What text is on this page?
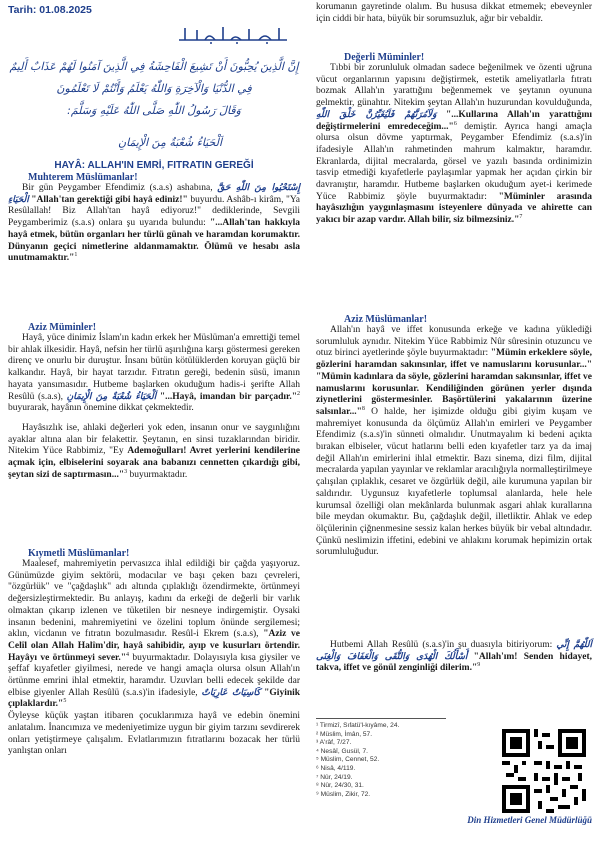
Tarih: 01.08.2025
إِنَّ الَّذِينَ يُحِبُّونَ أَنْ تَشِيعَ الْفَاحِشَةُ فِي الَّذِينَ آمَنُوا لَهُمْ عَذَابٌ أَلِيمٌ
فِي الدُّنْيَا وَالْآخِرَةِ وَاللّٰهُ يَعْلَمُ وَأَنْتُمْ لَا تَعْلَمُونَ
وَقَالَ رَسُولُ اللّٰهِ صَلَّى اللّٰهُ عَلَيْهِ وَسَلَّمَ:
اَلْحَيَاءُ شُعْبَةٌ مِنَ الْإِيمَانِ
HAYÂ: ALLAH'IN EMRİ, FITRATIN GEREĞİ
Muhterem Müslümanlar!
Bir gün Peygamber Efendimiz (s.a.s) ashabına, إِسْتَحْيُوا مِنَ اللّٰهِ حَقَّ الْحَيَاءِ "Allah'tan gerektiği gibi hayâ ediniz!" buyurdu. Ashâb-ı kirâm, "Ya Resûlallah! Biz Allah'tan hayâ ediyoruz!" dediklerinde, Sevgili Peygamberimiz (s.a.s) onlara şu uyarıda bulundu: "...Allah'tan hakkıyla hayâ etmek, bütün organları her türlü günah ve haramdan korumaktır. Dünyanın geçici nimetlerine aldanmamaktır. Ölümü ve hesabı asla unutmamaktır."$^1$
Aziz Müminler!
Hayâ, yüce dinimiz İslam'ın kadın erkek her Müslüman'a emrettiği temel bir ahlak ilkesidir. Hayâ, nefsin her türlü aşırılığına karşı göstermesi gereken direnç ve onurlu bir duruştur. İnsanı bütün kötülüklerden koruyan güçlü bir kalkandır. Hayâ, bir hayat tarzıdır. Fıtratın gereği, bedenin süsü, imanın hayata yansımasıdır. Hutbeme başlarken okuduğum hadis-i şerifte Allah Resûlü (s.a.s), اَلْحَيَاءُ شُعْبَةٌ مِنَ الْإِيمَانِ "...Hayâ, imandan bir parçadır."$^2$ buyurarak, hayânın önemine dikkat çekmektedir.
Hayâsızlık ise, ahlaki değerleri yok eden, insanın onur ve saygınlığını ayaklar altına alan bir felakettir. Şeytanın, en sinsi tuzaklarından biridir. Nitekim Yüce Rabbimiz, "Ey Ademoğulları! Avret yerlerini kendilerine açmak için, elbiselerini soyarak ana babanızı cennetten çıkardığı gibi, şeytan sizi de saptırmasın..."$^3$ buyurmaktadır.
Kıymetli Müslümanlar!
Maalesef, mahremiyetin pervasızca ihlal edildiği bir çağda yaşıyoruz. Günümüzde giyim sektörü, modacılar ve başı çeken bazı çevreleri, "özgürlük" ve "çağdaşlık" adı altında çıplaklığı özendirmekte, örtünmeyi değersizleştirmektedir. Bu anlayış, kadını da erkeği de değerli bir varlık olmaktan çıkarıp izlenen ve tüketilen bir nesneye indirgemiştir. Oysaki insanın bedenini, mahremiyetini ve özelini toplum önünde sergilemesi; aklın, vicdanın ve fıtratın bozulmasıdır. Resûl-i Ekrem (s.a.s), "Aziz ve Celîl olan Allah Halîm'dir, hayâ sahibidir, ayıp ve kusurları örtendir. Hayâyı ve örtünmeyi sever."$^4$ buyurmaktadır. Dolayısıyla kısa giysiler ve şeffaf kıyafetler giyilmesi, nerede ve hangi amaçla olursa olsun Allah'ın örtünme emrini ihlal etmektir, haramdır. Uzuvları belli edecek şekilde dar elbise giyenler Allah Resûlü (s.a.s)'in ifadesiyle, كَاسِيَاتٌ عَارِيَاتٌ "Giyinik çıplaklardır."$^5$
Öyleyse küçük yaştan itibaren çocuklarımıza hayâ ve edebin önemini anlatalım. İnancımıza ve medeniyetimize uygun bir giyim tarzını sevdirerek onları yetiştirmeye çalışalım. Evlatlarımızın fıtratlarını bozacak her türlü yanlıştan onları
korumanın gayretinde olalım. Bu hususa dikkat etmemek; ebeveynler için ciddi bir hata, büyük bir sorumsuzluk, ağır bir vebaldir.
Değerli Müminler!
Tıbbi bir zorunluluk olmadan sadece beğenilmek ve özenti uğruna vücut organlarının yapısını değiştirmek, estetik ameliyatlarla fıtratı bozmak Allah'ın yarattığını beğenmemek ve şeytanın oyununa gelmektir, günahtır. Nitekim şeytan Allah'ın huzurundan kovulduğunda, وَلَآمُرَنَّهُمْ فَلَيُغَيِّرُنَّ خَلْقَ اللّٰهِ "...Kullarına Allah'ın yarattığını değiştirmelerini emredeceğim..."$^6$ demiştir. Ayrıca hangi amaçla olursa olsun dövme yaptırmak, Peygamber Efendimiz (s.a.s)'in ifadesiyle Allah'ın rahmetinden mahrum kalmaktır, haramdır. Ekranlarda, dijital mecralarda, görsel ve yazılı basında ordinimizin tasvip etmediği kıyafetlerle paylaşımlar yapmak her açıdan çirkin bir davranıştır, haramdır. Hutbeme başlarken okuduğum ayet-i kerimede Yüce Rabbimiz şöyle buyurmaktadır: "Müminler arasında hayâsızlığın yaygınlaşmasını isteyenlere dünyada ve ahirette can yakıcı bir azap vardır. Allah bilir, siz bilmezsiniz."$^7$
Aziz Müslümanlar!
Allah'ın hayâ ve iffet konusunda erkeğe ve kadına yüklediği sorumluluk aynıdır. Nitekim Yüce Rabbimiz Nûr sûresinin otuzuncu ve otuz birinci ayetlerinde şöyle buyurmaktadır: "Mümin erkeklere söyle, gözlerini haramdan sakınsınlar, iffet ve namuslarını korusunlar..." "Mümin kadınlara da söyle, gözlerini haramdan sakınsınlar, iffet ve namuslarını korusunlar. Kendiliğinden görünen yerler dışında ziynetlerini göstermesinler. Başörtülerini yakalarının üzerine salsınlar..."$^8$ O halde, her işimizde olduğu gibi giyim kuşam ve mahremiyet konusunda da ölçümüz Allah'ın emirleri ve Peygamber Efendimiz (s.a.s)'in sünneti olmalıdır. Unutmayalım ki bedeni açıkta bırakan elbiseler, vücut hatlarını belli eden kıyafetler tarz ya da imaj değil Allah'ın emirlerini ihlal etmektir. Bazı sinema, dizi film, dijital mecralarda yapılan yayınlar ve reklamlar aracılığıyla normalleştirilmeye çalışılan çıplaklık, cesaret ve özgürlük değil, aile kurumuna yapılan bir saldırıdır. Uygunsuz kıyafetlerle toplumsal alanlarda, hele hele kurumsal özelliği olan mekânlarda bulunmak asgari ahlak kurallarına bile meydan okumaktır. Bu, çağdaşlık değil, illetliktir. Ahlak ve edep ölçülerinin çiğnenmesine sessiz kalan herkes büyük bir vebal altındadır. Çünkü neslimizin iffetini, edebini ve ahlakını korumak hepimizin ortak sorumluluğudur.
Hutbemi Allah Resûlü (s.a.s)'in şu duasıyla bitiriyorum: اَللّٰهُمَّ إِنِّي أَسْأَلُكَ الْهُدَى وَالتُّقَى وَالْعَفَافَ وَالْغِنَى "Allah'ım! Senden hidayet, takva, iffet ve gönül zenginliği dilerim."$^9$
¹ Tirmizî, Sıfatü'l-kıyâme, 24.
² Müslim, İmân, 57.
³ A'râf, 7/27.
⁴ Nesâî, Gusül, 7.
⁵ Müslim, Cennet, 52.
⁶ Nisâ, 4/119.
⁷ Nûr, 24/19.
⁸ Nûr, 24/30, 31.
⁹ Müslim, Zikir, 72.
Din Hizmetleri Genel Müdürlüğü
